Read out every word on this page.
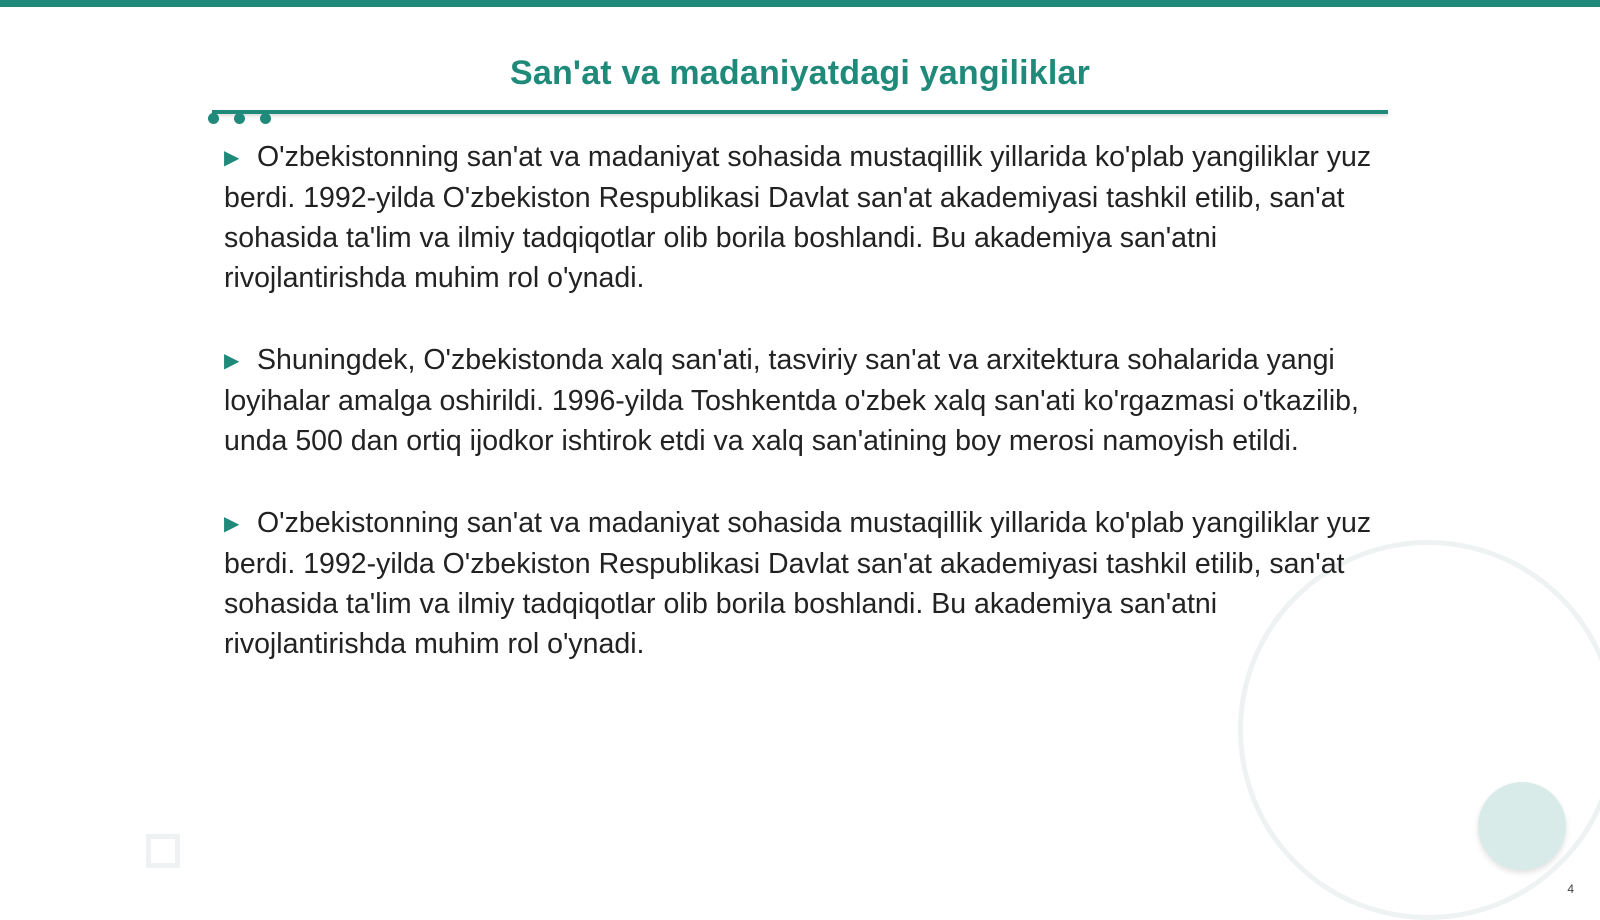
San'at va madaniyatdagi yangiliklar

▶ O'zbekistonning san'at va madaniyat sohasida mustaqillik yillarida ko'plab yangiliklar yuz berdi. 1992-yilda O'zbekiston Respublikasi Davlat san'at akademiyasi tashkil etilib, san'at sohasida ta'lim va ilmiy tadqiqotlar olib borila boshlandi. Bu akademiya san'atni rivojlantirishda muhim rol o'ynadi.

▶ Shuningdek, O'zbekistonda xalq san'ati, tasviriy san'at va arxitektura sohalarida yangi loyihalar amalga oshirildi. 1996-yilda Toshkentda o'zbek xalq san'ati ko'rgazmasi o'tkazilib, unda 500 dan ortiq ijodkor ishtirok etdi va xalq san'atining boy merosi namoyish etildi.

▶ O'zbekistonning san'at va madaniyat sohasida mustaqillik yillarida ko'plab yangiliklar yuz berdi. 1992-yilda O'zbekiston Respublikasi Davlat san'at akademiyasi tashkil etilib, san'at sohasida ta'lim va ilmiy tadqiqotlar olib borila boshlandi. Bu akademiya san'atni rivojlantirishda muhim rol o'ynadi.

4
